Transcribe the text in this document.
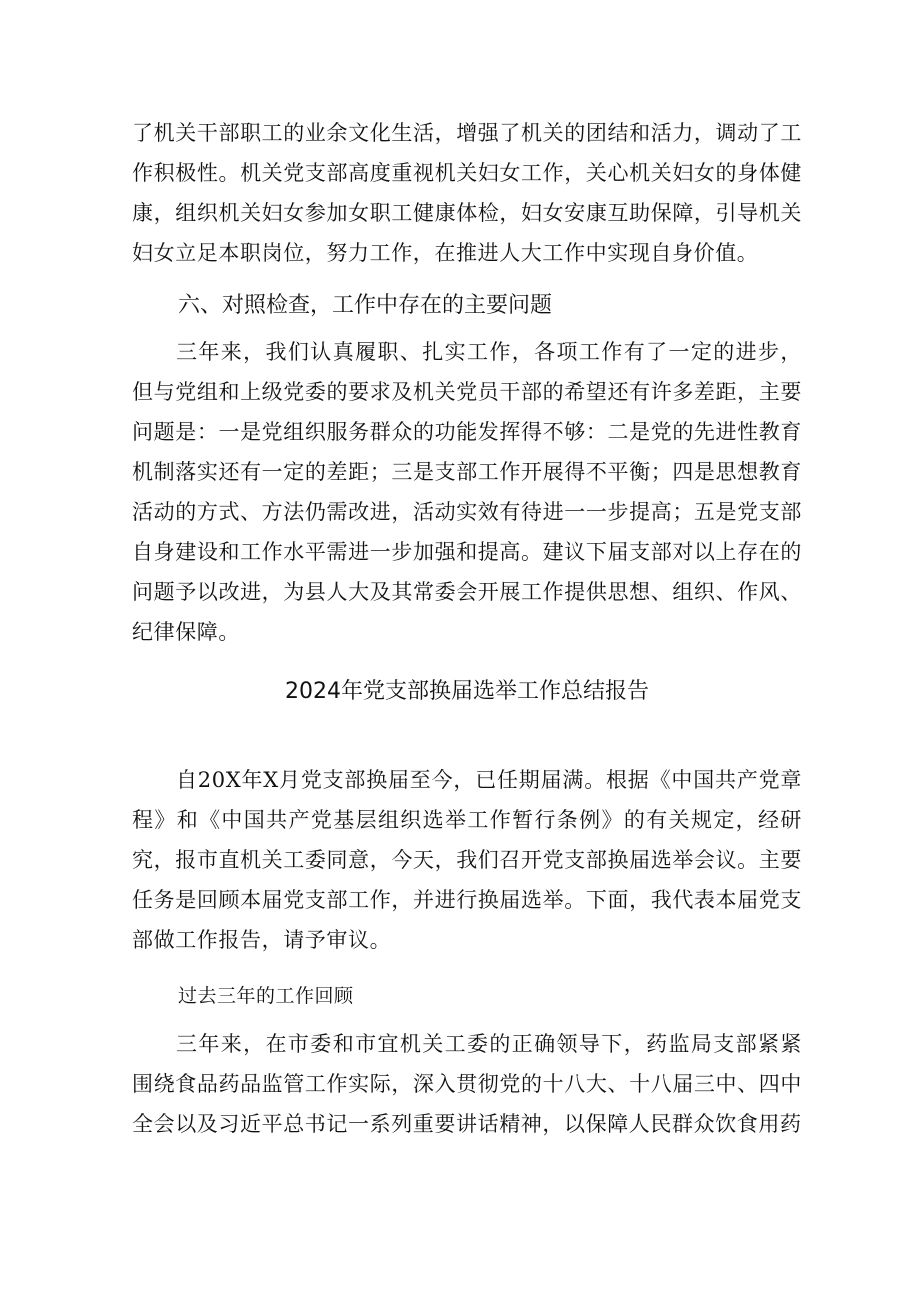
了机关干部职工的业余文化生活，增强了机关的团结和活力，调动了工作积极性。机关党支部高度重视机关妇女工作，关心机关妇女的身体健康，组织机关妇女参加女职工健康体检，妇女安康互助保障，引导机关妇女立足本职岗位，努力工作，在推进人大工作中实现自身价值。

六、对照检查，工作中存在的主要问题

三年来，我们认真履职、扎实工作，各项工作有了一定的进步，但与党组和上级党委的要求及机关党员干部的希望还有许多差距，主要问题是：一是党组织服务群众的功能发挥得不够：二是党的先进性教育机制落实还有一定的差距；三是支部工作开展得不平衡；四是思想教育活动的方式、方法仍需改进，活动实效有待进一一步提高；五是党支部自身建设和工作水平需进一步加强和提高。建议下届支部对以上存在的问题予以改进，为县人大及其常委会开展工作提供思想、组织、作风、纪律保障。

2024年党支部换届选举工作总结报告

自20X年X月党支部换届至今，已任期届满。根据《中国共产党章程》和《中国共产党基层组织选举工作暂行条例》的有关规定，经研究，报市直机关工委同意，今天，我们召开党支部换届选举会议。主要任务是回顾本届党支部工作，并进行换届选举。下面，我代表本届党支部做工作报告，请予审议。

过去三年的工作回顾

三年来，在市委和市宜机关工委的正确领导下，药监局支部紧紧围绕食品药品监管工作实际，深入贯彻党的十八大、十八届三中、四中全会以及习近平总书记一系列重要讲话精神，以保障人民群众饮食用药
